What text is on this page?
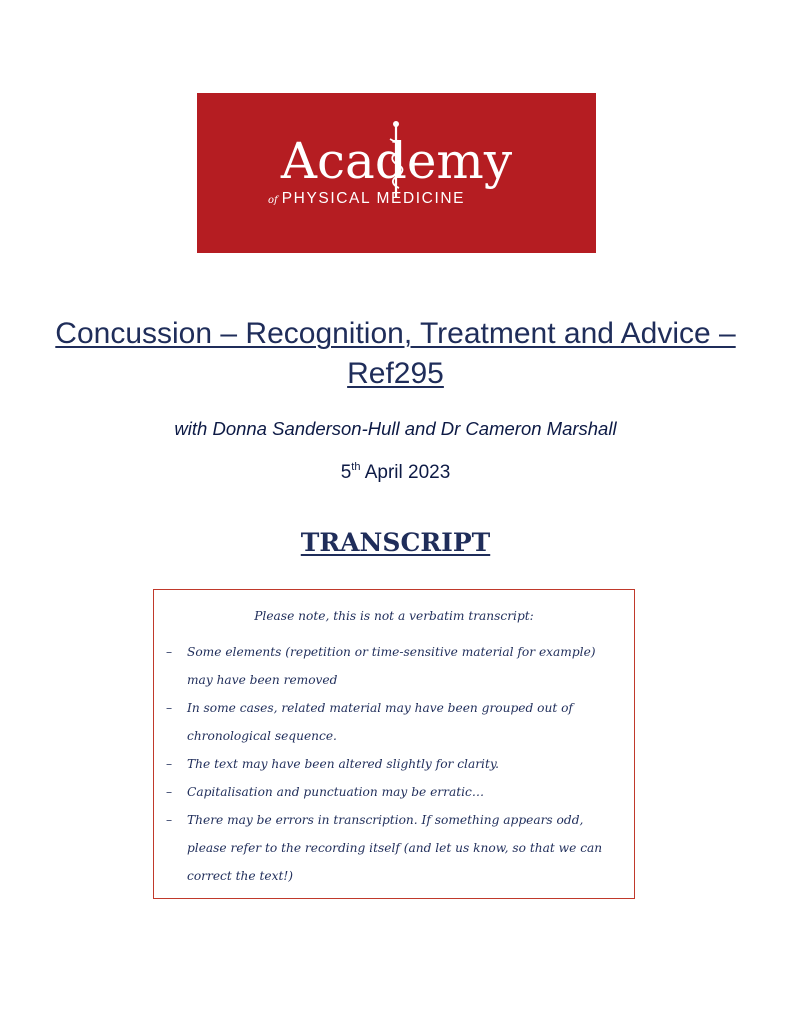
Academy
of PHYSICAL MEDICINE
Concussion – Recognition, Treatment and Advice – Ref295
with Donna Sanderson-Hull and Dr Cameron Marshall
5th April 2023
TRANSCRIPT
Please note, this is not a verbatim transcript:
– Some elements (repetition or time-sensitive material for example) may have been removed
– In some cases, related material may have been grouped out of chronological sequence.
– The text may have been altered slightly for clarity.
– Capitalisation and punctuation may be erratic…
– There may be errors in transcription. If something appears odd, please refer to the recording itself (and let us know, so that we can correct the text!)
